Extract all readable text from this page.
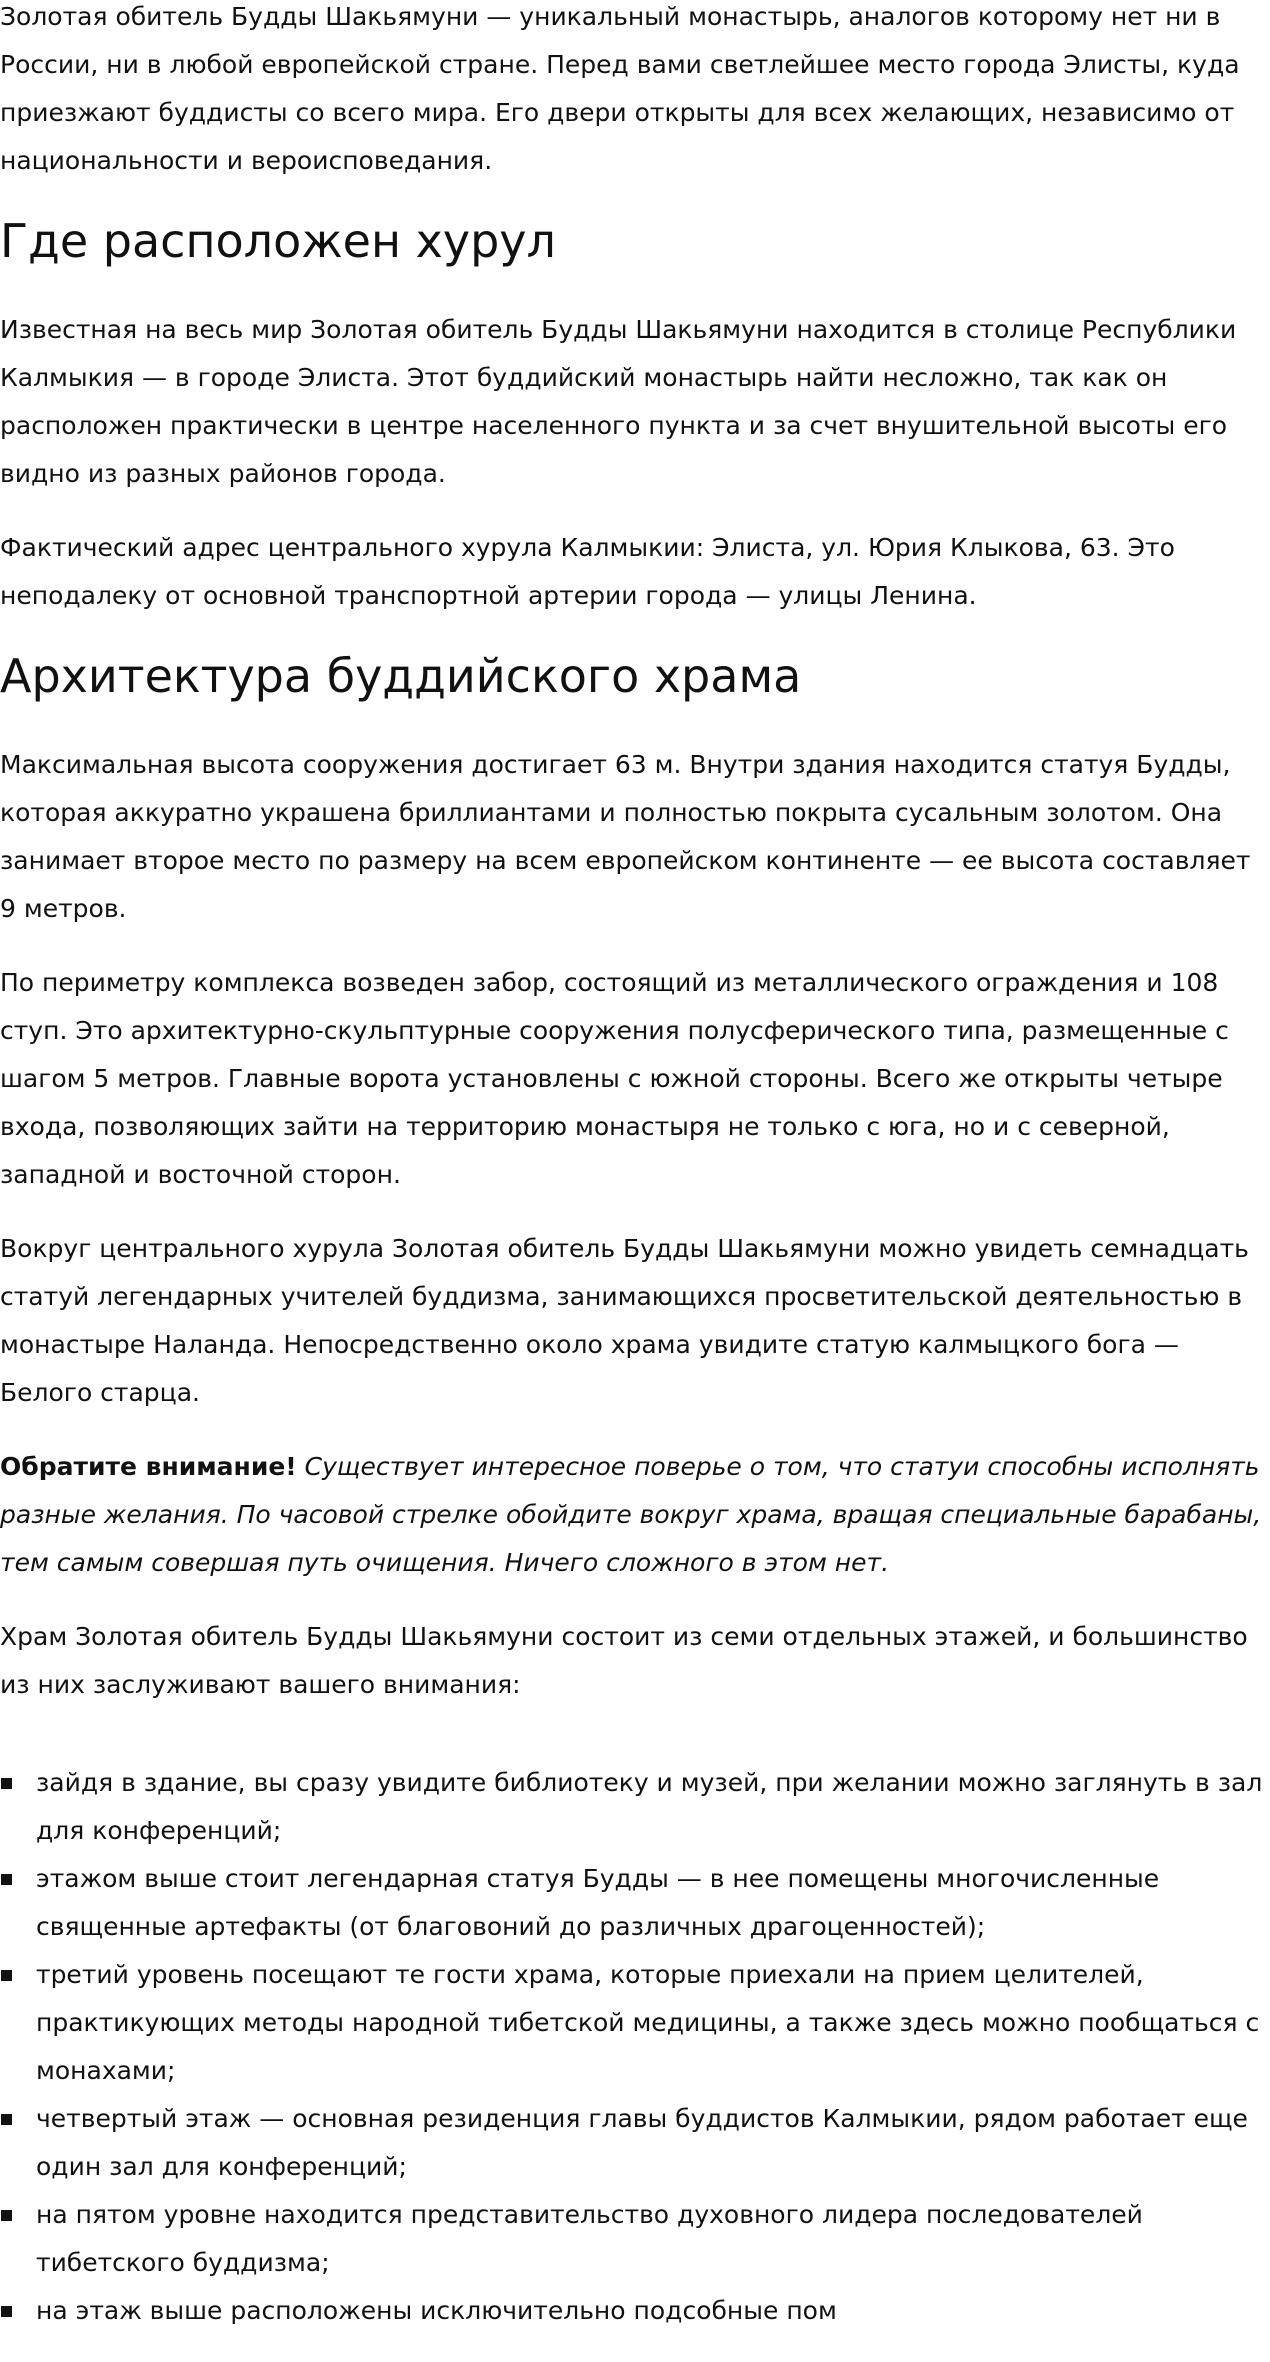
Золотая обитель Будды Шакьямуни — уникальный монастырь, аналогов которому нет ни в России, ни в любой европейской стране. Перед вами светлейшее место города Элисты, куда приезжают буддисты со всего мира. Его двери открыты для всех желающих, независимо от национальности и вероисповедания.

Где расположен хурул

Известная на весь мир Золотая обитель Будды Шакьямуни находится в столице Республики Калмыкия — в городе Элиста. Этот буддийский монастырь найти несложно, так как он расположен практически в центре населенного пункта и за счет внушительной высоты его видно из разных районов города.

Фактический адрес центрального хурула Калмыкии: Элиста, ул. Юрия Клыкова, 63. Это неподалеку от основной транспортной артерии города — улицы Ленина.

Архитектура буддийского храма

Максимальная высота сооружения достигает 63 м. Внутри здания находится статуя Будды, которая аккуратно украшена бриллиантами и полностью покрыта сусальным золотом. Она занимает второе место по размеру на всем европейском континенте — ее высота составляет 9 метров.

По периметру комплекса возведен забор, состоящий из металлического ограждения и 108 ступ. Это архитектурно-скульптурные сооружения полусферического типа, размещенные с шагом 5 метров. Главные ворота установлены с южной стороны. Всего же открыты четыре входа, позволяющих зайти на территорию монастыря не только с юга, но и с северной, западной и восточной сторон.

Вокруг центрального хурула Золотая обитель Будды Шакьямуни можно увидеть семнадцать статуй легендарных учителей буддизма, занимающихся просветительской деятельностью в монастыре Наланда. Непосредственно около храма увидите статую калмыцкого бога — Белого старца.

Обратите внимание! Существует интересное поверье о том, что статуи способны исполнять разные желания. По часовой стрелке обойдите вокруг храма, вращая специальные барабаны, тем самым совершая путь очищения. Ничего сложного в этом нет.

Храм Золотая обитель Будды Шакьямуни состоит из семи отдельных этажей, и большинство из них заслуживают вашего внимания:

зайдя в здание, вы сразу увидите библиотеку и музей, при желании можно заглянуть в зал для конференций;
этажом выше стоит легендарная статуя Будды — в нее помещены многочисленные священные артефакты (от благовоний до различных драгоценностей);
третий уровень посещают те гости храма, которые приехали на прием целителей, практикующих методы народной тибетской медицины, а также здесь можно пообщаться с монахами;
четвертый этаж — основная резиденция главы буддистов Калмыкии, рядом работает еще один зал для конференций;
на пятом уровне находится представительство духовного лидера последователей тибетского буддизма;
на этаж выше расположены исключительно подсобные пом
